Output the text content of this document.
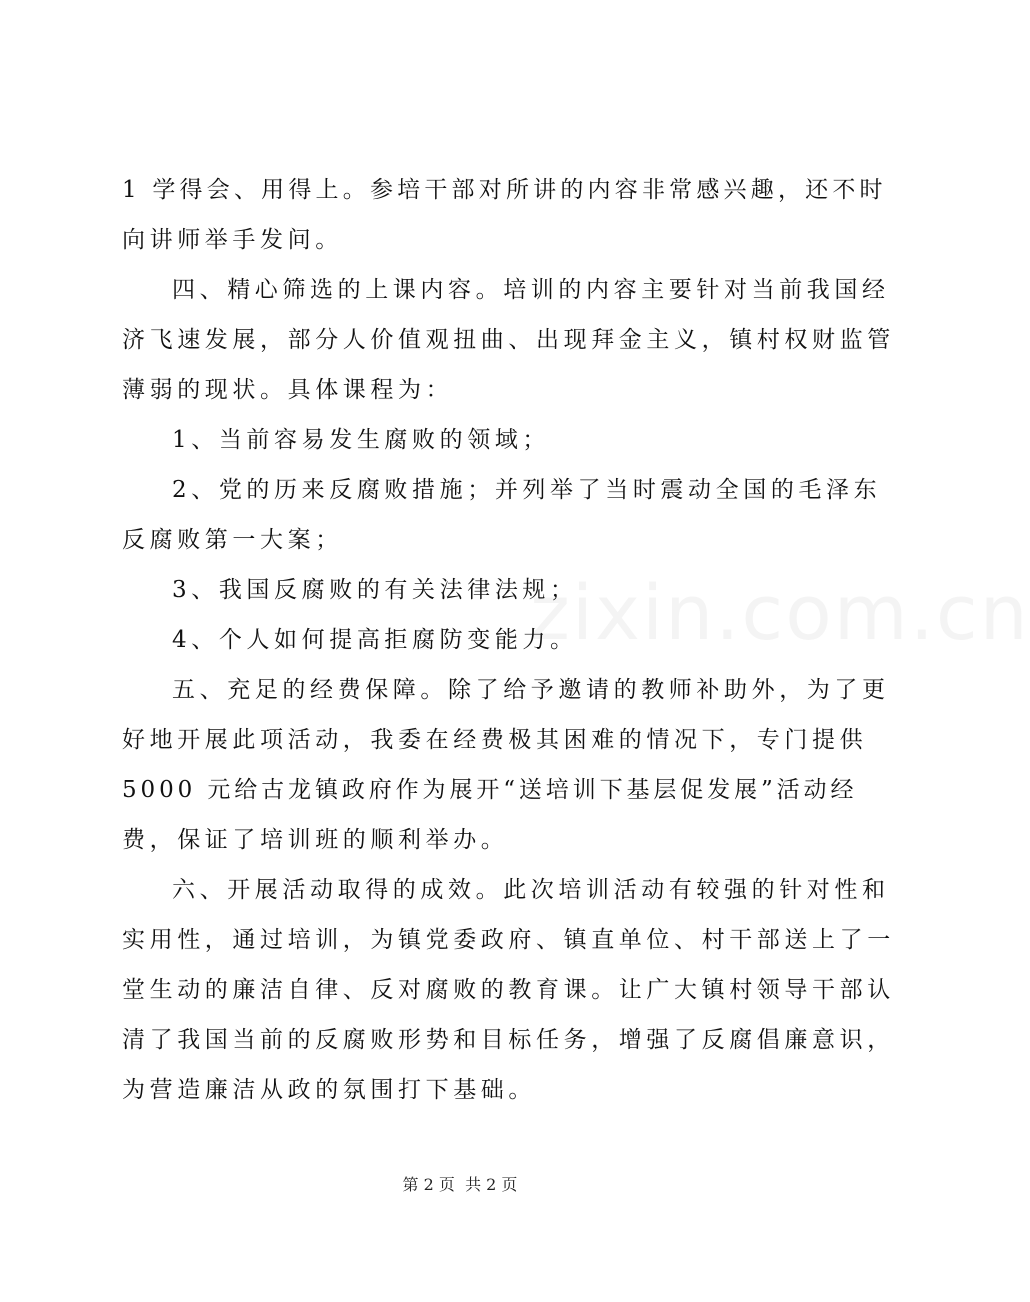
1 学得会、用得上。参培干部对所讲的内容非常感兴趣，还不时
向讲师举手发问。
四、精心筛选的上课内容。培训的内容主要针对当前我国经
济飞速发展，部分人价值观扭曲、出现拜金主义，镇村权财监管
薄弱的现状。具体课程为：
1、当前容易发生腐败的领域；
2、党的历来反腐败措施；并列举了当时震动全国的毛泽东
反腐败第一大案；
3、我国反腐败的有关法律法规；
4、个人如何提高拒腐防变能力。
五、充足的经费保障。除了给予邀请的教师补助外，为了更
好地开展此项活动，我委在经费极其困难的情况下，专门提供
5000 元给古龙镇政府作为展开“送培训下基层促发展”活动经
费，保证了培训班的顺利举办。
六、开展活动取得的成效。此次培训活动有较强的针对性和
实用性，通过培训，为镇党委政府、镇直单位、村干部送上了一
堂生动的廉洁自律、反对腐败的教育课。让广大镇村领导干部认
清了我国当前的反腐败形势和目标任务，增强了反腐倡廉意识，
为营造廉洁从政的氛围打下基础。
zixin.com.cn
第 2 页  共 2 页
